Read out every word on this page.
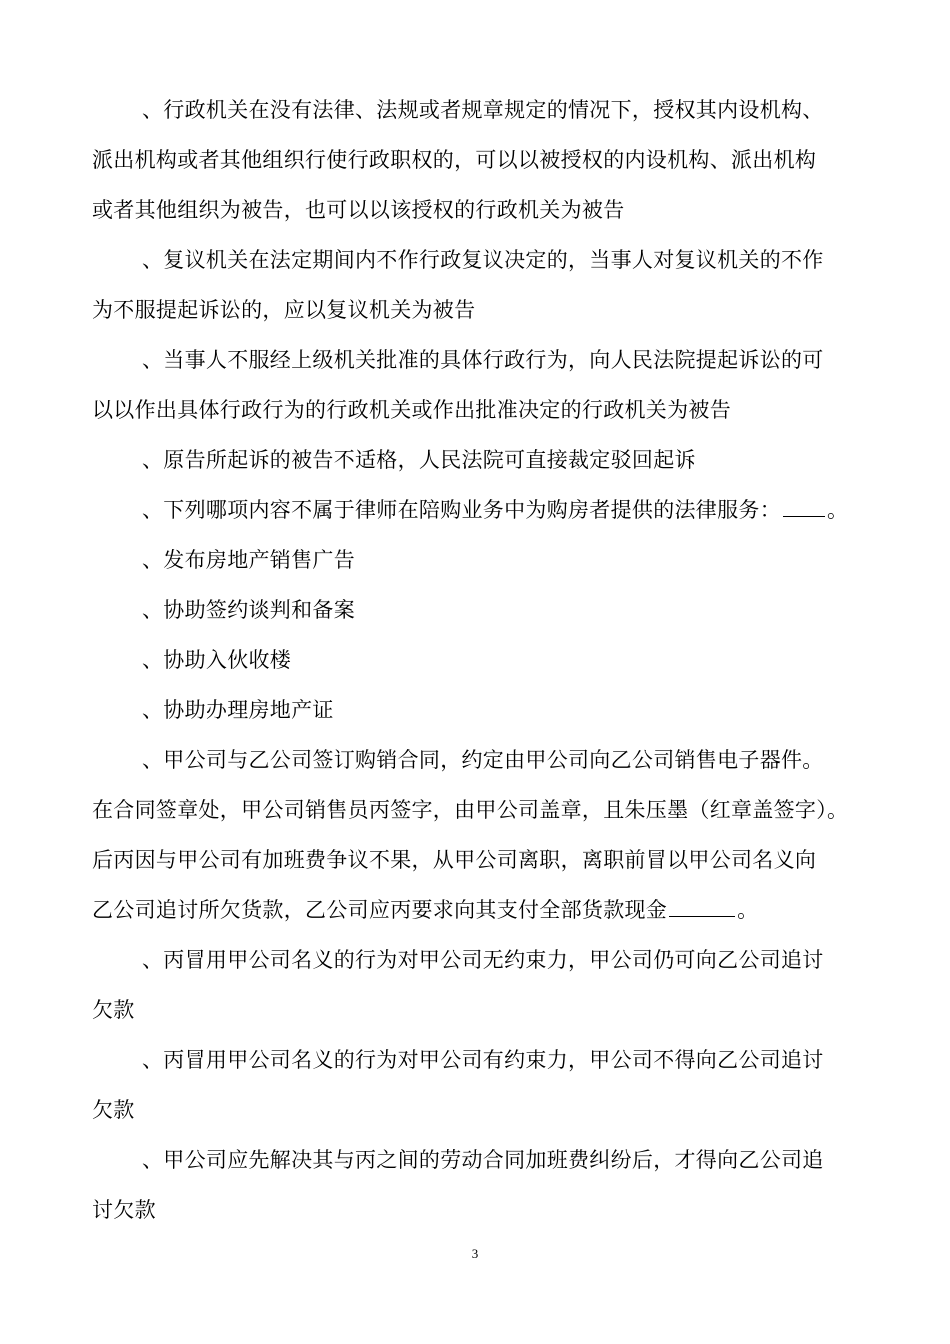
、行政机关在没有法律、法规或者规章规定的情况下，授权其内设机构、
派出机构或者其他组织行使行政职权的，可以以被授权的内设机构、派出机构
或者其他组织为被告，也可以以该授权的行政机关为被告
、复议机关在法定期间内不作行政复议决定的，当事人对复议机关的不作
为不服提起诉讼的，应以复议机关为被告
、当事人不服经上级机关批准的具体行政行为，向人民法院提起诉讼的可
以以作出具体行政行为的行政机关或作出批准决定的行政机关为被告
、原告所起诉的被告不适格，人民法院可直接裁定驳回起诉
、下列哪项内容不属于律师在陪购业务中为购房者提供的法律服务： 。
、发布房地产销售广告
、协助签约谈判和备案
、协助入伙收楼
、协助办理房地产证
、甲公司与乙公司签订购销合同，约定由甲公司向乙公司销售电子器件。
在合同签章处，甲公司销售员丙签字，由甲公司盖章，且朱压墨（红章盖签字）。
后丙因与甲公司有加班费争议不果，从甲公司离职，离职前冒以甲公司名义向
乙公司追讨所欠货款，乙公司应丙要求向其支付全部货款现金	。
、丙冒用甲公司名义的行为对甲公司无约束力，甲公司仍可向乙公司追讨
欠款
、丙冒用甲公司名义的行为对甲公司有约束力，甲公司不得向乙公司追讨
欠款
、甲公司应先解决其与丙之间的劳动合同加班费纠纷后，才得向乙公司追
讨欠款
3
